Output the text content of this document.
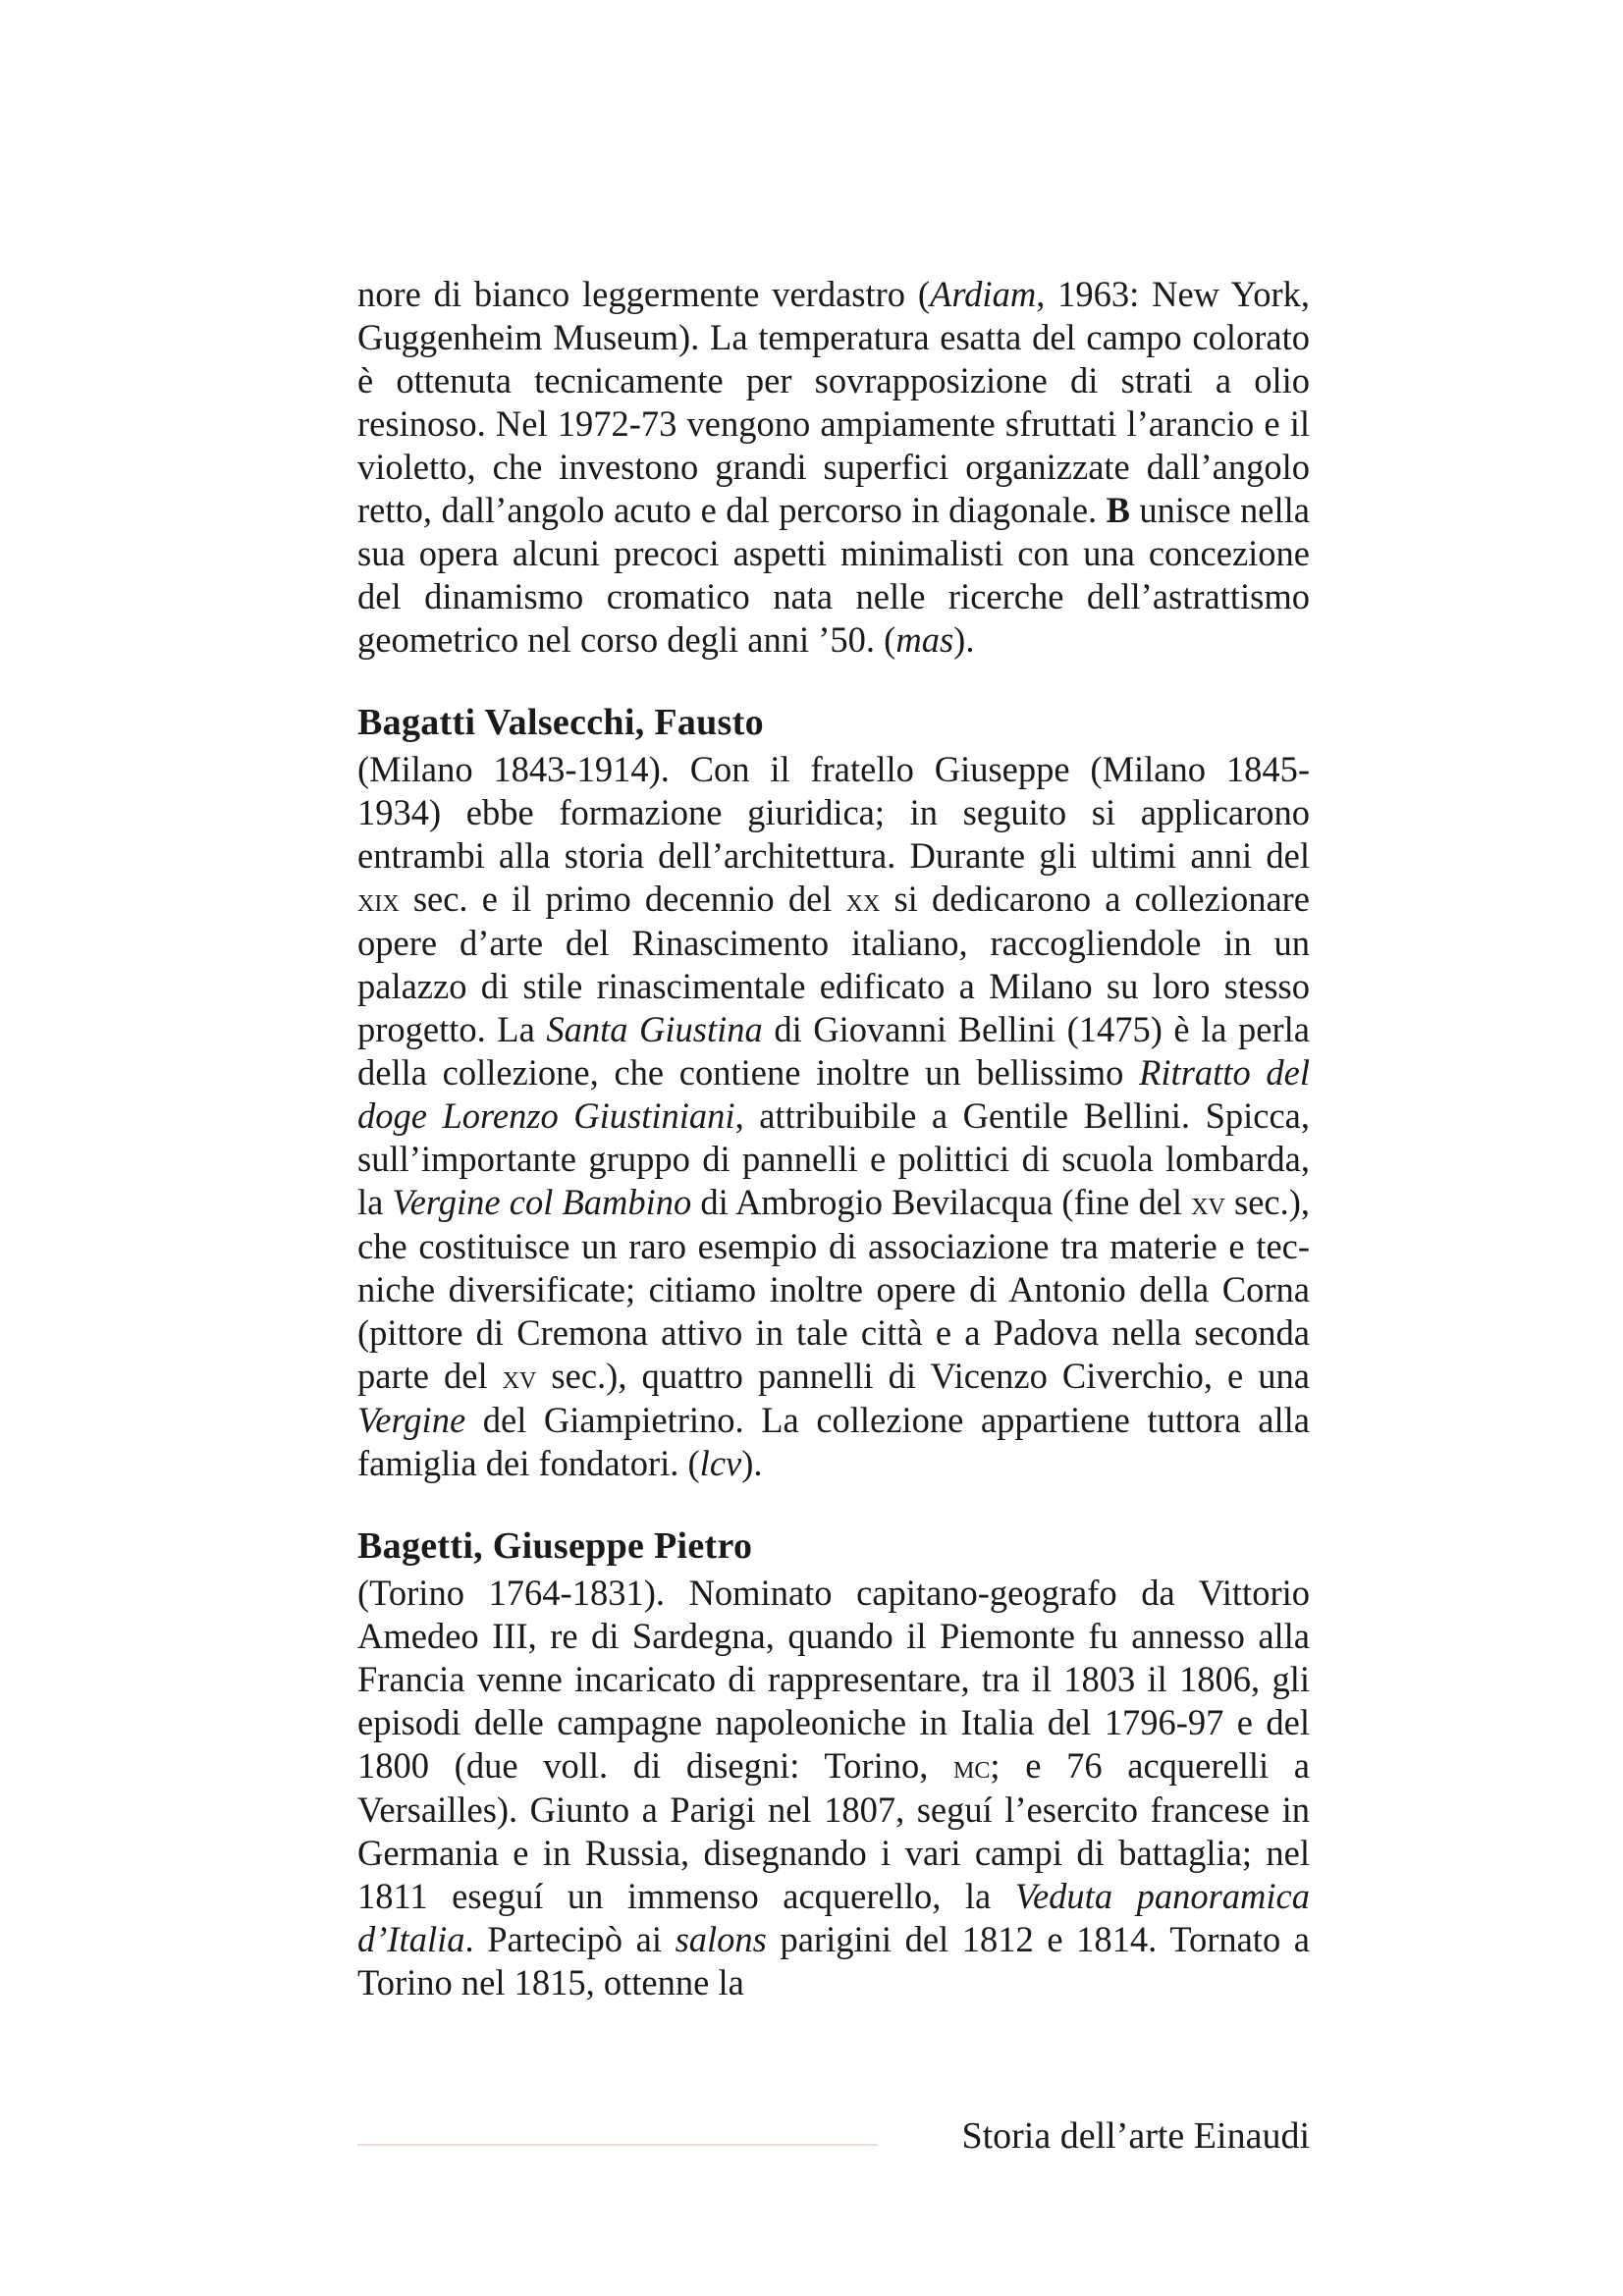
nore di bianco leggermente verdastro (Ardiam, 1963: New York, Guggenheim Museum). La temperatura esatta del campo colorato è ottenuta tecnicamente per sovrapposizione di strati a olio resinoso. Nel 1972-73 vengono ampiamente sfruttati l’arancio e il violetto, che investono grandi superfici organizzate dall’angolo retto, dall’angolo acuto e dal percorso in diagonale. B unisce nella sua opera alcuni precoci aspetti minimalisti con una concezione del dinamismo cromatico nata nelle ricerche dell’astrattismo geometrico nel corso degli anni ’50. (mas).

Bagatti Valsecchi, Fausto

(Milano 1843-1914). Con il fratello Giuseppe (Milano 1845-1934) ebbe formazione giuridica; in seguito si applicarono entrambi alla storia dell’architettura. Durante gli ultimi anni del xix sec. e il primo decennio del xx si dedicarono a collezionare opere d’arte del Rinascimento italiano, raccogliendole in un palazzo di stile rinascimentale edificato a Milano su loro stesso progetto. La Santa Giustina di Giovanni Bellini (1475) è la perla della collezione, che contiene inoltre un bellissimo Ritratto del doge Lorenzo Giustiniani, attribuibile a Gentile Bellini. Spicca, sull’importante gruppo di pannelli e polittici di scuola lombarda, la Vergine col Bambino di Ambrogio Bevilacqua (fine del xv sec.), che costituisce un raro esempio di associazione tra materie e tecniche diversificate; citiamo inoltre opere di Antonio della Corna (pittore di Cremona attivo in tale città e a Padova nella seconda parte del xv sec.), quattro pannelli di Vicenzo Civerchio, e una Vergine del Giampietrino. La collezione appartiene tuttora alla famiglia dei fondatori. (lcv).

Bagetti, Giuseppe Pietro

(Torino 1764-1831). Nominato capitano-geografo da Vittorio Amedeo III, re di Sardegna, quando il Piemonte fu annesso alla Francia venne incaricato di rappresentare, tra il 1803 il 1806, gli episodi delle campagne napoleoniche in Italia del 1796-97 e del 1800 (due voll. di disegni: Torino, mc; e 76 acquerelli a Versailles). Giunto a Parigi nel 1807, seguí l’esercito francese in Germania e in Russia, disegnando i vari campi di battaglia; nel 1811 eseguí un immenso acquerello, la Veduta panoramica d’Italia. Partecipò ai salons parigini del 1812 e 1814. Tornato a Torino nel 1815, ottenne la

Storia dell’arte Einaudi
